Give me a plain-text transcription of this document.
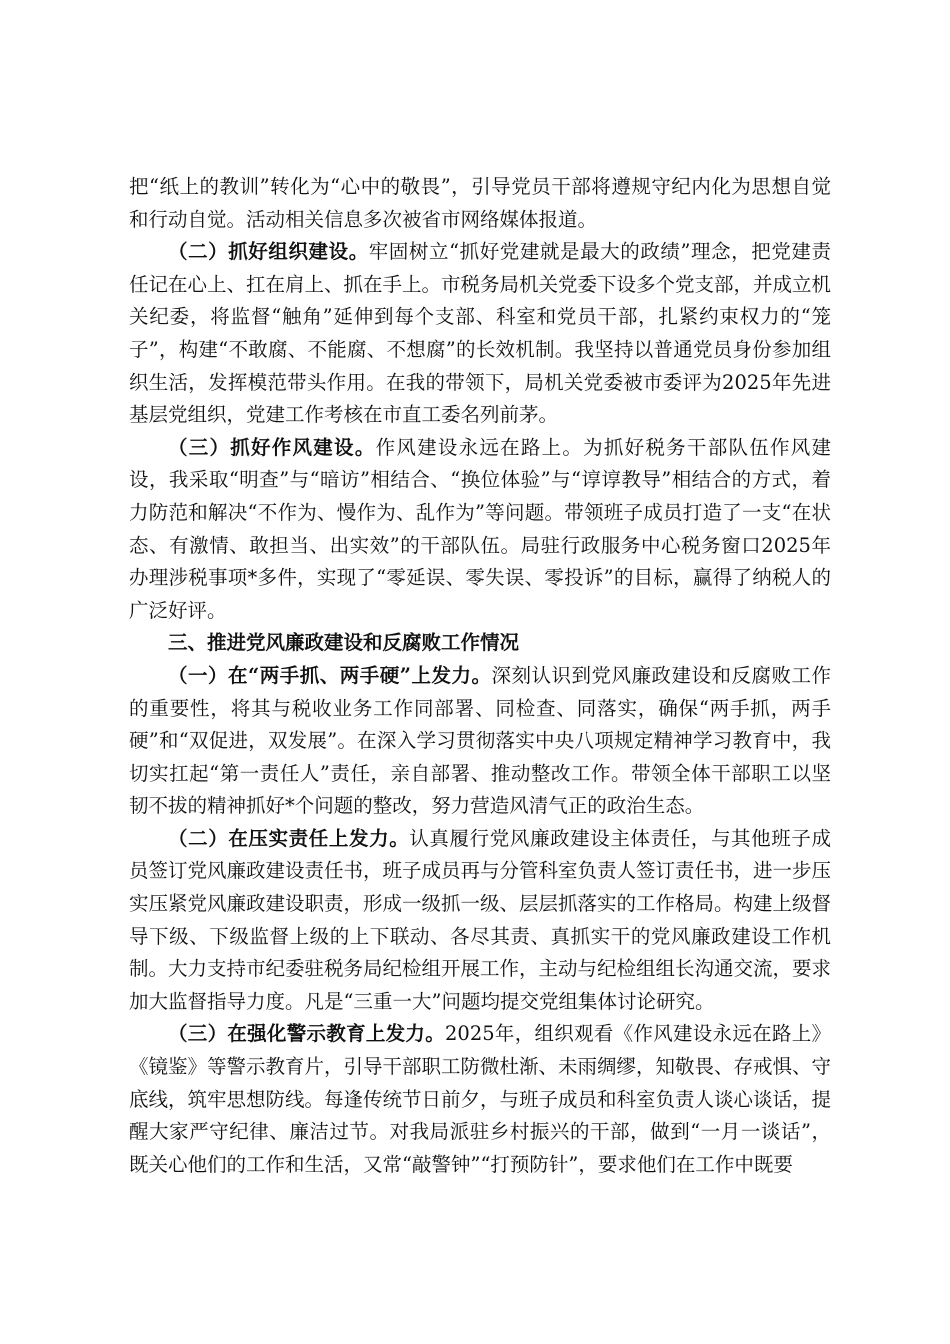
把“纸上的教训”转化为“心中的敬畏”，引导党员干部将遵规守纪内化为思想自觉和行动自觉。活动相关信息多次被省市网络媒体报道。

（二）抓好组织建设。牢固树立“抓好党建就是最大的政绩”理念，把党建责任记在心上、扛在肩上、抓在手上。市税务局机关党委下设多个党支部，并成立机关纪委，将监督“触角”延伸到每个支部、科室和党员干部，扎紧约束权力的“笼子”，构建“不敢腐、不能腐、不想腐”的长效机制。我坚持以普通党员身份参加组织生活，发挥模范带头作用。在我的带领下，局机关党委被市委评为2025年先进基层党组织，党建工作考核在市直工委名列前茅。

（三）抓好作风建设。作风建设永远在路上。为抓好税务干部队伍作风建设，我采取“明查”与“暗访”相结合、“换位体验”与“谆谆教导”相结合的方式，着力防范和解决“不作为、慢作为、乱作为”等问题。带领班子成员打造了一支“在状态、有激情、敢担当、出实效”的干部队伍。局驻行政服务中心税务窗口2025年办理涉税事项*多件，实现了“零延误、零失误、零投诉”的目标，赢得了纳税人的广泛好评。

三、推进党风廉政建设和反腐败工作情况

（一）在“两手抓、两手硬”上发力。深刻认识到党风廉政建设和反腐败工作的重要性，将其与税收业务工作同部署、同检查、同落实，确保“两手抓，两手硬”和“双促进，双发展”。在深入学习贯彻落实中央八项规定精神学习教育中，我切实扛起“第一责任人”责任，亲自部署、推动整改工作。带领全体干部职工以坚韧不拔的精神抓好*个问题的整改，努力营造风清气正的政治生态。

（二）在压实责任上发力。认真履行党风廉政建设主体责任，与其他班子成员签订党风廉政建设责任书，班子成员再与分管科室负责人签订责任书，进一步压实压紧党风廉政建设职责，形成一级抓一级、层层抓落实的工作格局。构建上级督导下级、下级监督上级的上下联动、各尽其责、真抓实干的党风廉政建设工作机制。大力支持市纪委驻税务局纪检组开展工作，主动与纪检组组长沟通交流，要求加大监督指导力度。凡是“三重一大”问题均提交党组集体讨论研究。

（三）在强化警示教育上发力。2025年，组织观看《作风建设永远在路上》《镜鉴》等警示教育片，引导干部职工防微杜渐、未雨绸缪，知敬畏、存戒惧、守底线，筑牢思想防线。每逢传统节日前夕，与班子成员和科室负责人谈心谈话，提醒大家严守纪律、廉洁过节。对我局派驻乡村振兴的干部，做到“一月一谈话”，既关心他们的工作和生活，又常“敲警钟”“打预防针”，要求他们在工作中既要
